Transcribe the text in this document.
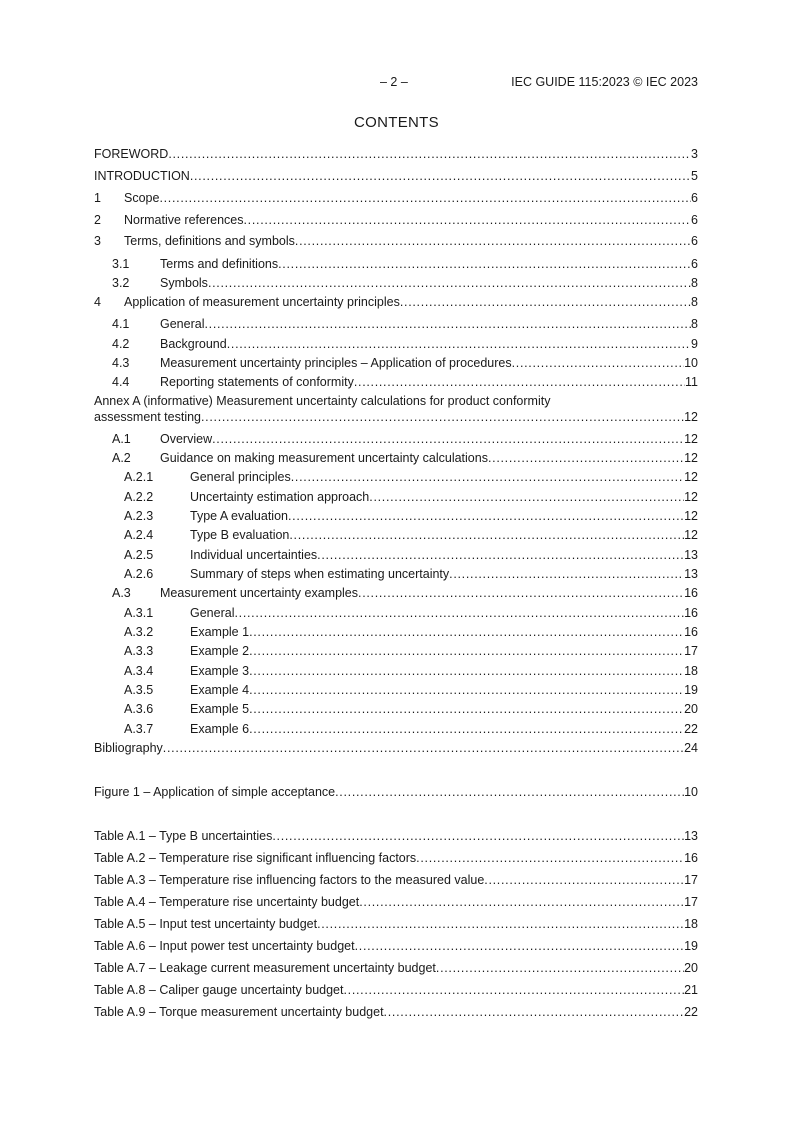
– 2 –	IEC GUIDE 115:2023 © IEC 2023
CONTENTS
FOREWORD .....	3
INTRODUCTION .....	5
1	Scope .....	6
2	Normative references .....	6
3	Terms, definitions and symbols .....	6
3.1	Terms and definitions .....	6
3.2	Symbols .....	8
4	Application of measurement uncertainty principles .....	8
4.1	General .....	8
4.2	Background .....	9
4.3	Measurement uncertainty principles – Application of procedures .....	10
4.4	Reporting statements of conformity .....	11
Annex A (informative) Measurement uncertainty calculations for product conformity
assessment testing .....	12
A.1	Overview .....	12
A.2	Guidance on making measurement uncertainty calculations .....	12
A.2.1	General principles .....	12
A.2.2	Uncertainty estimation approach .....	12
A.2.3	Type A evaluation .....	12
A.2.4	Type B evaluation .....	12
A.2.5	Individual uncertainties .....	13
A.2.6	Summary of steps when estimating uncertainty .....	13
A.3	Measurement uncertainty examples .....	16
A.3.1	General .....	16
A.3.2	Example 1 .....	16
A.3.3	Example 2 .....	17
A.3.4	Example 3 .....	18
A.3.5	Example 4 .....	19
A.3.6	Example 5 .....	20
A.3.7	Example 6 .....	22
Bibliography .....	24
Figure 1 – Application of simple acceptance .....	10
Table A.1 – Type B uncertainties .....	13
Table A.2 – Temperature rise significant influencing factors .....	16
Table A.3 – Temperature rise influencing factors to the measured value .....	17
Table A.4 – Temperature rise uncertainty budget .....	17
Table A.5 – Input test uncertainty budget .....	18
Table A.6 – Input power test uncertainty budget .....	19
Table A.7 – Leakage current measurement uncertainty budget .....	20
Table A.8 – Caliper gauge uncertainty budget .....	21
Table A.9 – Torque measurement uncertainty budget .....	22
